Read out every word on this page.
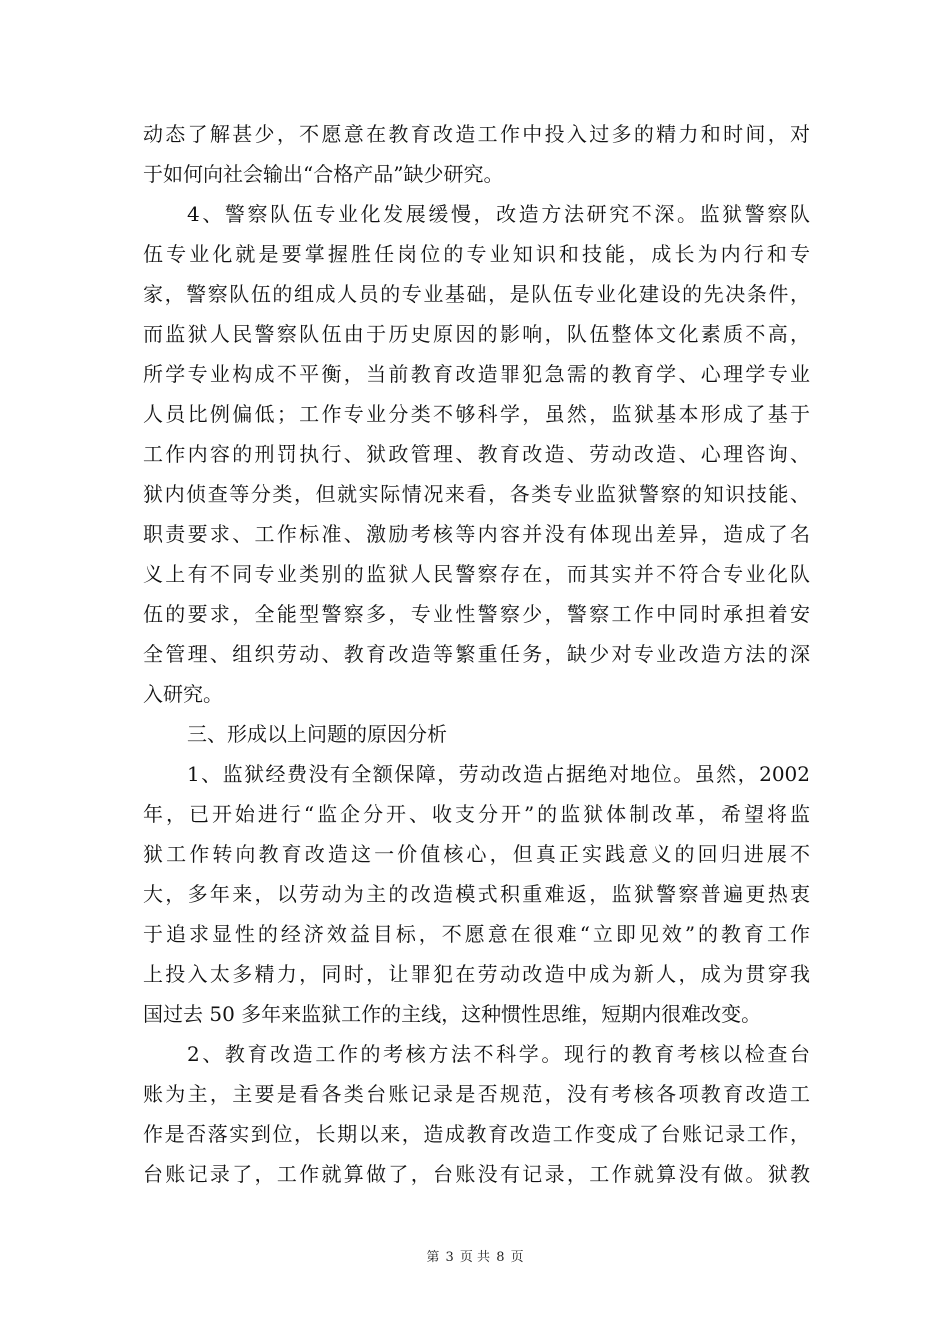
动态了解甚少，不愿意在教育改造工作中投入过多的精力和时间，对
于如何向社会输出“合格产品”缺少研究。
4、警察队伍专业化发展缓慢，改造方法研究不深。监狱警察队
伍专业化就是要掌握胜任岗位的专业知识和技能，成长为内行和专
家，警察队伍的组成人员的专业基础，是队伍专业化建设的先决条件，
而监狱人民警察队伍由于历史原因的影响，队伍整体文化素质不高，
所学专业构成不平衡，当前教育改造罪犯急需的教育学、心理学专业
人员比例偏低；工作专业分类不够科学，虽然，监狱基本形成了基于
工作内容的刑罚执行、狱政管理、教育改造、劳动改造、心理咨询、
狱内侦查等分类，但就实际情况来看，各类专业监狱警察的知识技能、
职责要求、工作标准、激励考核等内容并没有体现出差异，造成了名
义上有不同专业类别的监狱人民警察存在，而其实并不符合专业化队
伍的要求，全能型警察多，专业性警察少，警察工作中同时承担着安
全管理、组织劳动、教育改造等繁重任务，缺少对专业改造方法的深
入研究。
三、形成以上问题的原因分析
1、监狱经费没有全额保障，劳动改造占据绝对地位。虽然，2002
年，已开始进行“监企分开、收支分开”的监狱体制改革，希望将监
狱工作转向教育改造这一价值核心，但真正实践意义的回归进展不
大，多年来，以劳动为主的改造模式积重难返，监狱警察普遍更热衷
于追求显性的经济效益目标，不愿意在很难“立即见效”的教育工作
上投入太多精力，同时，让罪犯在劳动改造中成为新人，成为贯穿我
国过去 50 多年来监狱工作的主线，这种惯性思维，短期内很难改变。
2、教育改造工作的考核方法不科学。现行的教育考核以检查台
账为主，主要是看各类台账记录是否规范，没有考核各项教育改造工
作是否落实到位，长期以来，造成教育改造工作变成了台账记录工作，
台账记录了，工作就算做了，台账没有记录，工作就算没有做。狱教
第 3 页 共 8 页
